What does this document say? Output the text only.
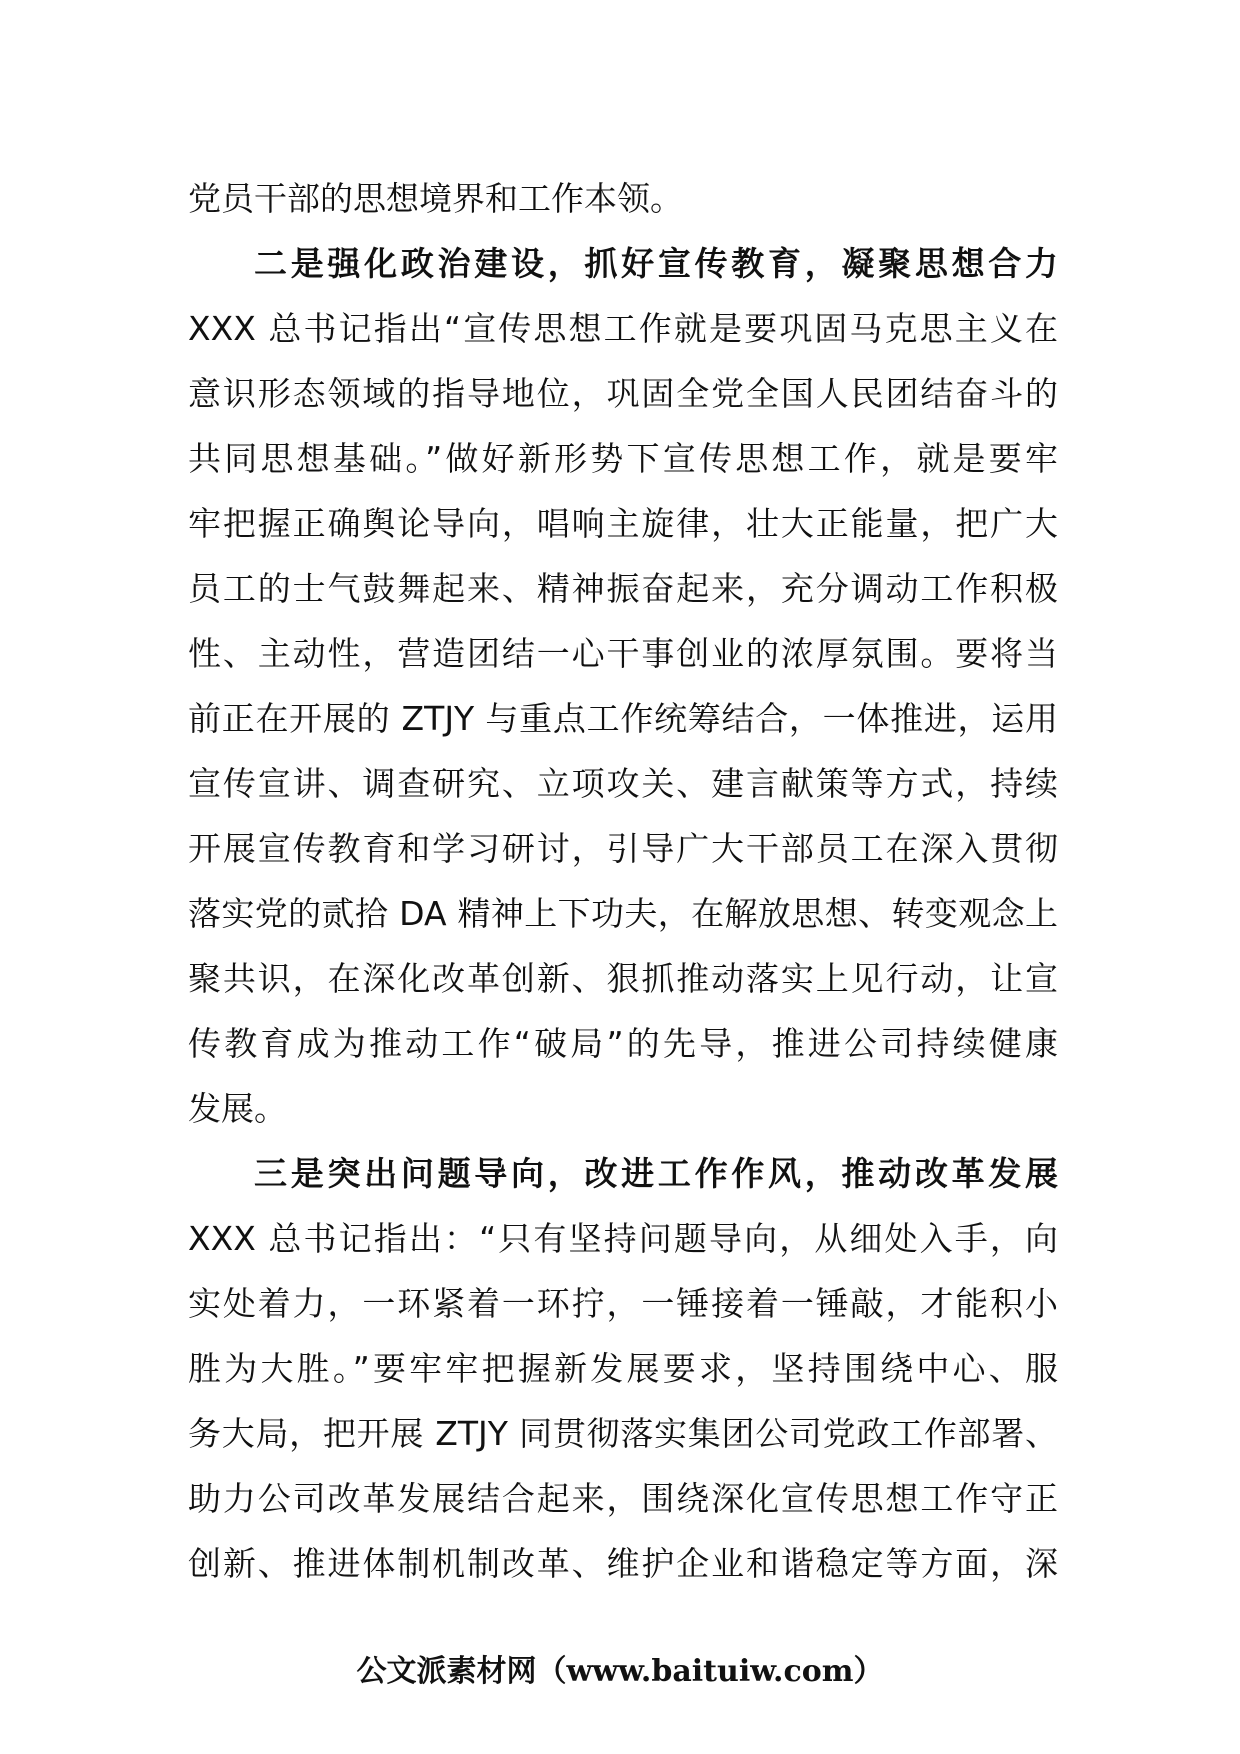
党员干部的思想境界和工作本领。
二是强化政治建设，抓好宣传教育，凝聚思想合力
XXX 总书记指出“宣传思想工作就是要巩固马克思主义在
意识形态领域的指导地位，巩固全党全国人民团结奋斗的
共同思想基础。”做好新形势下宣传思想工作，就是要牢
牢把握正确舆论导向，唱响主旋律，壮大正能量，把广大
员工的士气鼓舞起来、精神振奋起来，充分调动工作积极
性、主动性，营造团结一心干事创业的浓厚氛围。要将当
前正在开展的 ZTJY 与重点工作统筹结合，一体推进，运用
宣传宣讲、调查研究、立项攻关、建言献策等方式，持续
开展宣传教育和学习研讨，引导广大干部员工在深入贯彻
落实党的贰拾 DA 精神上下功夫，在解放思想、转变观念上
聚共识，在深化改革创新、狠抓推动落实上见行动，让宣
传教育成为推动工作“破局”的先导，推进公司持续健康
发展。
三是突出问题导向，改进工作作风，推动改革发展
XXX 总书记指出：“只有坚持问题导向，从细处入手，向
实处着力，一环紧着一环拧，一锤接着一锤敲，才能积小
胜为大胜。”要牢牢把握新发展要求，坚持围绕中心、服
务大局，把开展 ZTJY 同贯彻落实集团公司党政工作部署、
助力公司改革发展结合起来，围绕深化宣传思想工作守正
创新、推进体制机制改革、维护企业和谐稳定等方面，深
公文派素材网（www.baituiw.com）
